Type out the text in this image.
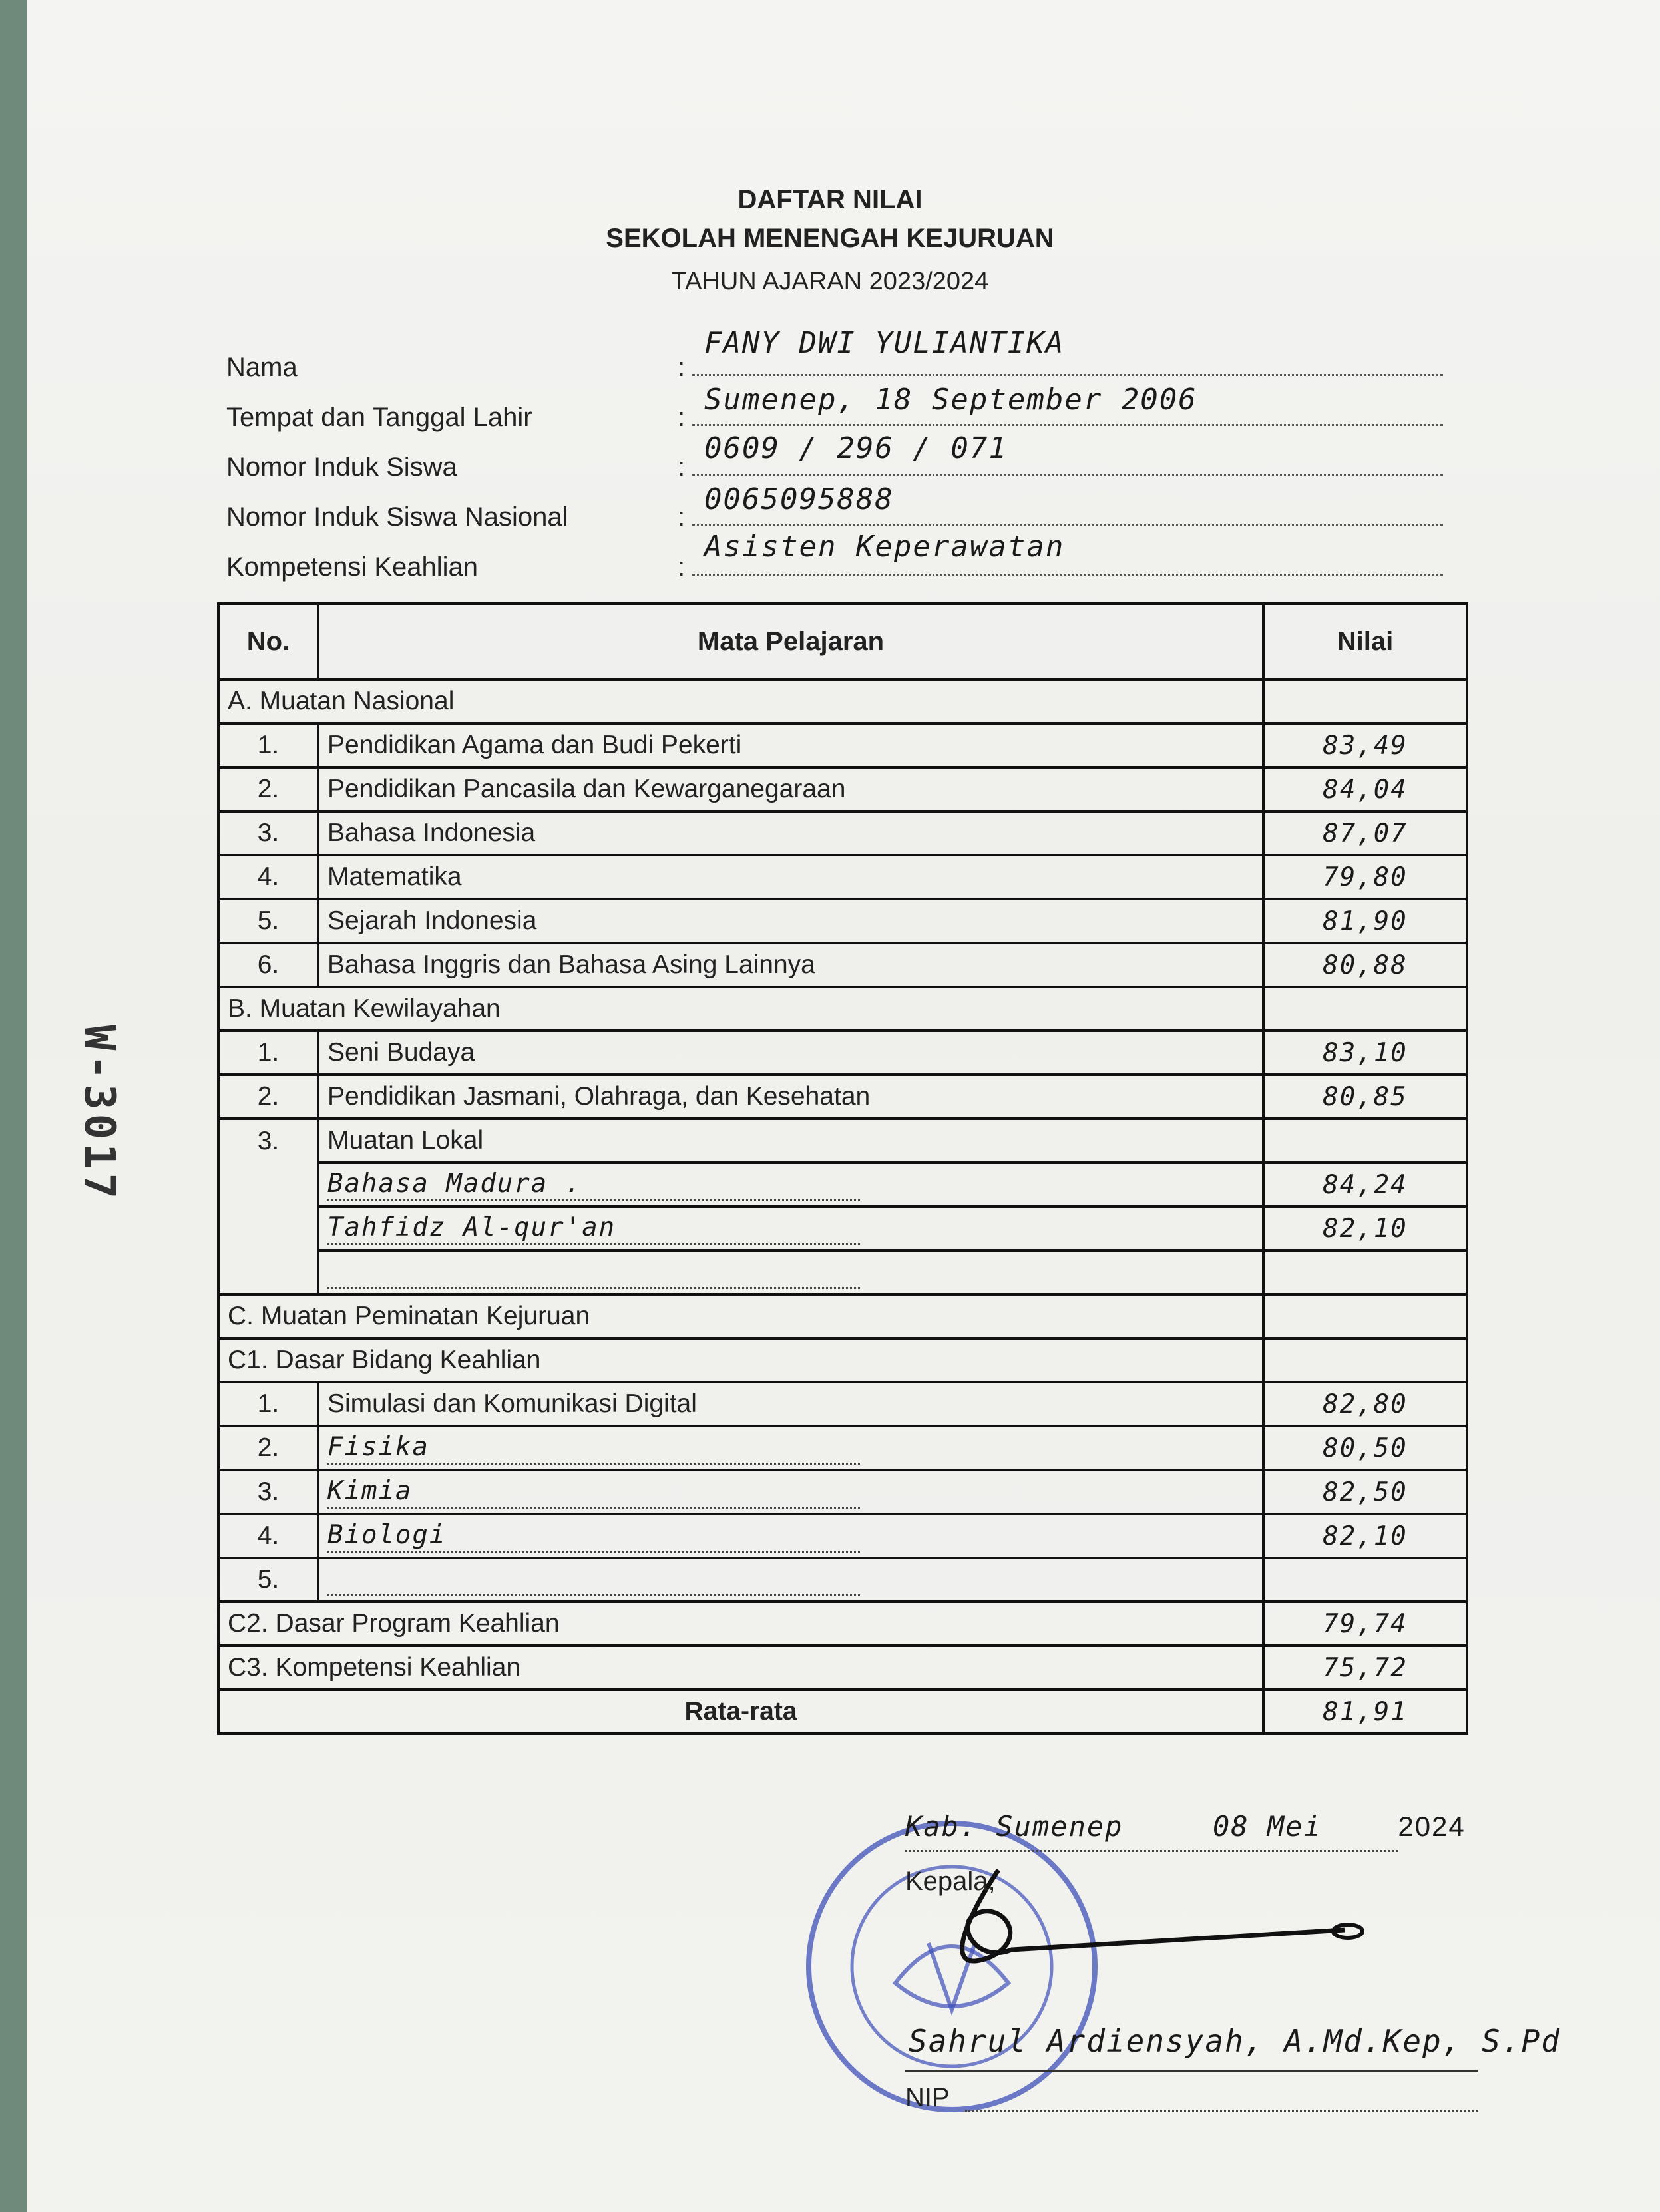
DAFTAR NILAI
SEKOLAH MENENGAH KEJURUAN
TAHUN AJARAN 2023/2024
Nama	:
FANY DWI YULIANTIKA
Tempat dan Tanggal Lahir	:
Sumenep, 18 September 2006
Nomor Induk Siswa	:
0609 / 296 / 071
Nomor Induk Siswa Nasional	:
0065095888
Kompetensi Keahlian	:
Asisten Keperawatan
No.	Mata Pelajaran	Nilai
A. Muatan Nasional		
1.	Pendidikan Agama dan Budi Pekerti	83,49
2.	Pendidikan Pancasila dan Kewarganegaraan	84,04
3.	Bahasa Indonesia	87,07
4.	Matematika	79,80
5.	Sejarah Indonesia	81,90
6.	Bahasa Inggris dan Bahasa Asing Lainnya	80,88
B. Muatan Kewilayahan		
1.	Seni Budaya	83,10
2.	Pendidikan Jasmani, Olahraga, dan Kesehatan	80,85
3.	Muatan Lokal	
	Bahasa Madura .	84,24
	Tahfidz Al-qur'an	82,10

C. Muatan Peminatan Kejuruan		
C1. Dasar Bidang Keahlian		
1.	Simulasi dan Komunikasi Digital	82,80
2.	Fisika	80,50
3.	Kimia	82,50
4.	Biologi	82,10
5.		
C2. Dasar Program Keahlian		79,74
C3. Kompetensi Keahlian		75,72
Rata-rata		81,91
Kab. Sumenep	08 Mei	2024
Kepala,
Sahrul Ardiensyah, A.Md.Kep, S.Pd
NIP
W-3017
